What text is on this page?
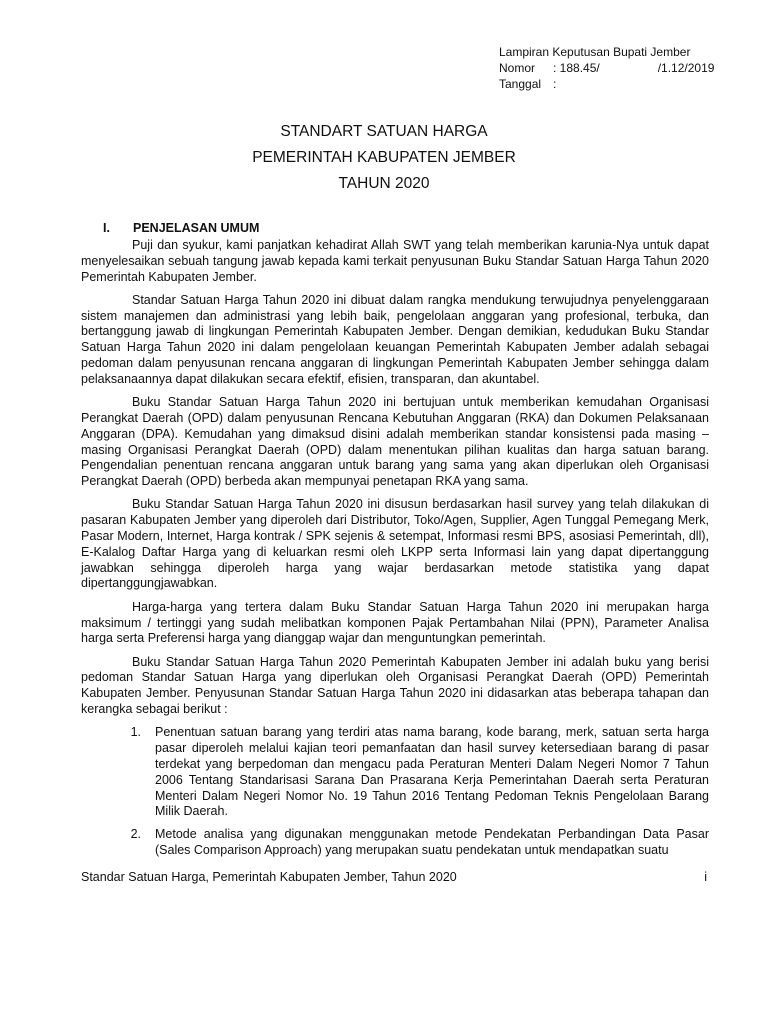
Lampiran Keputusan Bupati Jember
Nomor	: 188.45/	/1.12/2019
Tanggal :
STANDART SATUAN HARGA
PEMERINTAH KABUPATEN JEMBER
TAHUN 2020
I. PENJELASAN UMUM

Puji dan syukur, kami panjatkan kehadirat Allah SWT yang telah memberikan karunia-Nya untuk dapat menyelesaikan sebuah tangung jawab kepada kami terkait penyusunan Buku Standar Satuan Harga Tahun 2020 Pemerintah Kabupaten Jember.

Standar Satuan Harga Tahun 2020 ini dibuat dalam rangka mendukung terwujudnya penyelenggaraan sistem manajemen dan administrasi yang lebih baik, pengelolaan anggaran yang profesional, terbuka, dan bertanggung jawab di lingkungan Pemerintah Kabupaten Jember. Dengan demikian, kedudukan Buku Standar Satuan Harga Tahun 2020 ini dalam pengelolaan keuangan Pemerintah Kabupaten Jember adalah sebagai pedoman dalam penyusunan rencana anggaran di lingkungan Pemerintah Kabupaten Jember sehingga dalam pelaksanaannya dapat dilakukan secara efektif, efisien, transparan, dan akuntabel.

Buku Standar Satuan Harga Tahun 2020 ini bertujuan untuk memberikan kemudahan Organisasi Perangkat Daerah (OPD) dalam penyusunan Rencana Kebutuhan Anggaran (RKA) dan Dokumen Pelaksanaan Anggaran (DPA). Kemudahan yang dimaksud disini adalah memberikan standar konsistensi pada masing – masing Organisasi Perangkat Daerah (OPD) dalam menentukan pilihan kualitas dan harga satuan barang. Pengendalian penentuan rencana anggaran untuk barang yang sama yang akan diperlukan oleh Organisasi Perangkat Daerah (OPD) berbeda akan mempunyai penetapan RKA yang sama.

Buku Standar Satuan Harga Tahun 2020 ini disusun berdasarkan hasil survey yang telah dilakukan di pasaran Kabupaten Jember yang diperoleh dari Distributor, Toko/Agen, Supplier, Agen Tunggal Pemegang Merk, Pasar Modern, Internet, Harga kontrak / SPK sejenis & setempat, Informasi resmi BPS, asosiasi Pemerintah, dll), E-Kalalog Daftar Harga yang di keluarkan resmi oleh LKPP serta Informasi lain yang dapat dipertanggung jawabkan sehingga diperoleh harga yang wajar berdasarkan metode statistika yang dapat dipertanggungjawabkan.

Harga-harga yang tertera dalam Buku Standar Satuan Harga Tahun 2020 ini merupakan harga maksimum / tertinggi yang sudah melibatkan komponen Pajak Pertambahan Nilai (PPN), Parameter Analisa harga serta Preferensi harga yang dianggap wajar dan menguntungkan pemerintah.

Buku Standar Satuan Harga Tahun 2020 Pemerintah Kabupaten Jember ini adalah buku yang berisi pedoman Standar Satuan Harga yang diperlukan oleh Organisasi Perangkat Daerah (OPD) Pemerintah Kabupaten Jember. Penyusunan Standar Satuan Harga Tahun 2020 ini didasarkan atas beberapa tahapan dan kerangka sebagai berikut :

1.	Penentuan satuan barang yang terdiri atas nama barang, kode barang, merk, satuan serta harga pasar diperoleh melalui kajian teori pemanfaatan dan hasil survey ketersediaan barang di pasar terdekat yang berpedoman dan mengacu pada Peraturan Menteri Dalam Negeri Nomor 7 Tahun 2006 Tentang Standarisasi Sarana Dan Prasarana Kerja Pemerintahan Daerah serta Peraturan Menteri Dalam Negeri Nomor No. 19 Tahun 2016 Tentang Pedoman Teknis Pengelolaan Barang Milik Daerah.
2.	Metode analisa yang digunakan menggunakan metode Pendekatan Perbandingan Data Pasar (Sales Comparison Approach) yang merupakan suatu pendekatan untuk mendapatkan suatu
Standar Satuan Harga, Pemerintah Kabupaten Jember, Tahun 2020	i
